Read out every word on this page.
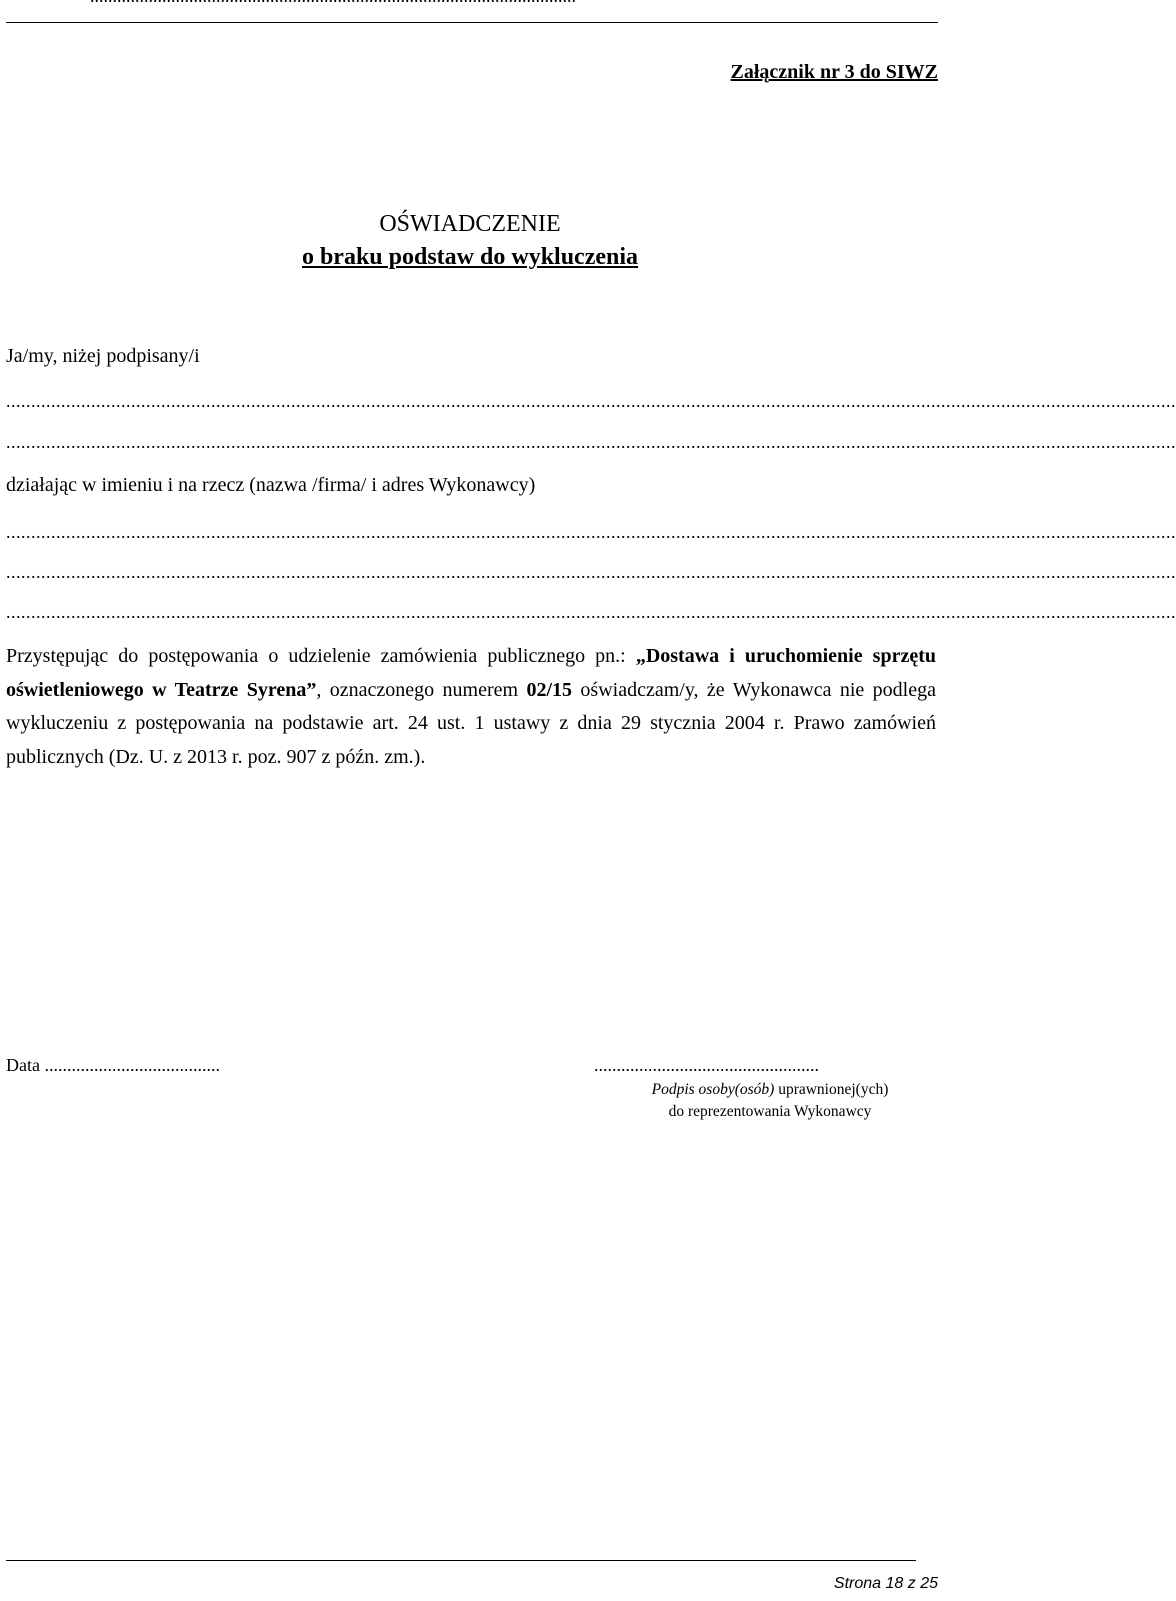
Załącznik nr 3 do SIWZ
OŚWIADCZENIE
o braku podstaw do wykluczenia
Ja/my, niżej podpisany/i
..........................................................................................................................................................................................................................................
..........................................................................................................................................................................................................................................
działając w imieniu i na rzecz (nazwa /firma/ i adres Wykonawcy)
..........................................................................................................................................................................................................................................
..........................................................................................................................................................................................................................................
..........................................................................................................................................................................................................................................
Przystępując do postępowania o udzielenie zamówienia publicznego pn.: „Dostawa i uruchomienie sprzętu oświetleniowego w Teatrze Syrena”, oznaczonego numerem 02/15 oświadczam/y, że Wykonawca nie podlega wykluczeniu z postępowania na podstawie art. 24 ust. 1 ustawy z dnia 29 stycznia 2004 r. Prawo zamówień publicznych (Dz. U. z 2013 r. poz. 907 z późn. zm.).
Data .......................................	..................................................
Podpis osoby(osób) uprawnionej(ych)
do reprezentowania Wykonawcy
Strona 18 z 25
